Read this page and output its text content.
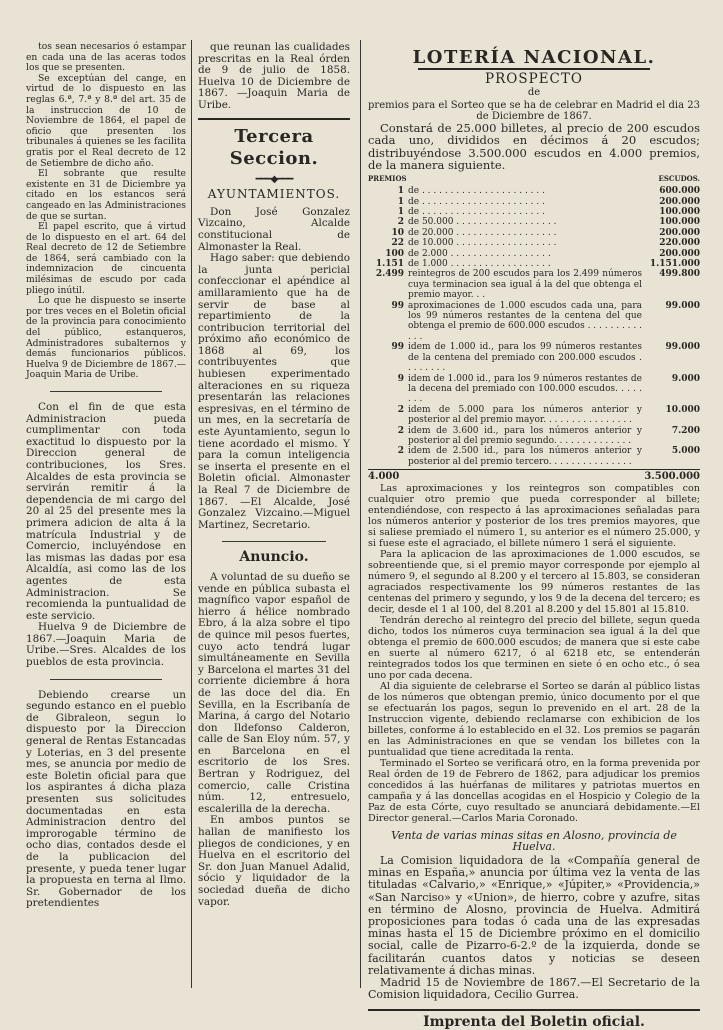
tos sean necesarios ó estampar en cada una de las aceras todos los que se presenten.

Se exceptúan del cange, en virtud de lo dispuesto en las reglas 6.ª, 7.ª y 8.ª del art. 35 de la instruccion de 10 de Noviembre de 1864, el papel de oficio que presenten los tribunales á quienes se les facilita gratis por el Real decreto de 12 de Setiembre de dicho año.

El sobrante que resulte existente en 31 de Diciembre ya citado en los estancos será cangeado en las Administraciones de que se surtan.

El papel escrito, que á virtud de lo dispuesto en el art. 64 del Real decreto de 12 de Setiembre de 1864, será cambiado con la indemnizacion de cincuenta milésimas de escudo por cada pliego inútil.

Lo que he dispuesto se inserte por tres veces en el Boletin oficial de la provincia para conocimiento del público, estanqueros, Administradores subalternos y demás funcionarios públicos. Huelva 9 de Diciembre de 1867.—Joaquin Maria de Uribe.

Con el fin de que esta Administracion pueda cumplimentar con toda exactitud lo dispuesto por la Direccion general de contribuciones, los Sres. Alcaldes de esta provincia se servirán remitir á la dependencia de mi cargo del 20 al 25 del presente mes la primera adicion de alta á la matrícula Industrial y de Comercio, incluyéndose en las mismas las dadas por esa Alcaldía, asi como las de los agentes de esta Administracion. Se recomienda la puntualidad de este servicio.

Huelva 9 de Diciembre de 1867.—Joaquin Maria de Uribe.—Sres. Alcaldes de los pueblos de esta provincia.

Debiendo crearse un segundo estanco en el pueblo de Gibraleon, segun lo dispuesto por la Direccion general de Rentas Estancadas y Loterias, en 3 del presente mes, se anuncia por medio de este Boletin oficial para que los aspirantes á dicha plaza presenten sus solicitudes documentadas en esta Administracion dentro del improrogable término de ocho dias, contados desde el de la publicacion del presente, y pueda tener lugar la propuesta en terna al Ilmo. Sr. Gobernador de los pretendientes

que reunan las cualidades prescritas en la Real órden de 9 de julio de 1858. Huelva 10 de Diciembre de 1867. —Joaquin Maria de Uribe.

Tercera Seccion.
━━━◆━━━
AYUNTAMIENTOS.

Don José Gonzalez Vizcaino, Alcalde constitucional de Almonaster la Real.

Hago saber: que debiendo la junta pericial confeccionar el apéndice al amillaramiento que ha de servir de base al repartimiento de la contribucion territorial del próximo año económico de 1868 al 69, los contribuyentes que hubiesen experimentado alteraciones en su riqueza presentarán las relaciones espresivas, en el término de un mes, en la secretaría de este Ayuntamiento, segun lo tiene acordado el mismo. Y para la comun inteligencia se inserta el presente en el Boletin oficial. Almonaster la Real 7 de Diciembre de 1867. —El Alcalde, José Gonzalez Vizcaino.—Miguel Martinez, Secretario.

Anuncio.

A voluntad de su dueño se vende en pública subasta el magnífico vapor español de hierro á hélice nombrado Ebro, á la alza sobre el tipo de quince mil pesos fuertes, cuyo acto tendrá lugar simultáneamente en Sevilla y Barcelona el martes 31 del corriente diciembre á hora de las doce del dia. En Sevilla, en la Escribanía de Marina, á cargo del Notario don Ildefonso Calderon, calle de San Eloy núm. 57, y en Barcelona en el escritorio de los Sres. Bertran y Rodriguez, del comercio, calle Cristina núm. 12, entresuelo, escalerilla de la derecha.

En ambos puntos se hallan de manifiesto los pliegos de condiciones, y en Huelva en el escritorio del Sr. don Juan Manuel Adalid, sócio y liquidador de la sociedad dueña de dicho vapor.

LOTERÍA NACIONAL.
PROSPECTO
de
premios para el Sorteo que se ha de celebrar en Madrid el dia 23 de Diciembre de 1867.

Constará de 25.000 billetes, al precio de 200 escudos cada uno, divididos en décimos á 20 escudos; distribuyéndose 3.500.000 escudos en 4.000 premios, de la manera siguiente.

PREMIOS		ESCUDOS.
1	de . . . . . . . . . . . . . . . . . . . . . .	600.000
1	de . . . . . . . . . . . . . . . . . . . . . .	200.000
1	de . . . . . . . . . . . . . . . . . . . . . .	100.000
2	de 50.000 . . . . . . . . . . . . . . . . . .	100.000
10	de 20.000 . . . . . . . . . . . . . . . . . .	200.000
22	de 10.000 . . . . . . . . . . . . . . . . . .	220.000
100	de 2.000 . . . . . . . . . . . . . . . . . .	200.000
1.151	de 1.000 . . . . . . . . . . . . . . . . . .	1.151.000
2.499	reintegros de 200 escudos para los 2.499 números cuya terminacion sea igual á la del que obtenga el premio mayor. . .	499.800
99	aproximaciones de 1.000 escudos cada una, para los 99 números restantes de la centena del que obtenga el premio de 600.000 escudos . . . . . . . . . . . . .	99.000
99	idem de 1.000 id., para los 99 números restantes de la centena del premiado con 200.000 escudos . . . . . . . .	99.000
9	idem de 1.000 id., para los 9 números restantes de la decena del premiado con 100.000 escudos. . . . . . . .	9.000
2	idem de 5.000 para los números anterior y posterior al del premio mayor. . . . . . . . . . . . . . . .	10.000
2	idem de 3.600 id., para los números anterior y posterior al del premio segundo. . . . . . . . . . . . . .	7.200
2	idem de 2.500 id., para los números anterior y posterior al del premio tercero. . . . . . . . . . . . . . .	5.000
4.000	3.500.000

Las aproximaciones y los reintegros son compatibles con cualquier otro premio que pueda corresponder al billete; entendiéndose, con respecto á las aproximaciones señaladas para los números anterior y posterior de los tres premios mayores, que si saliese premiado el número 1, su anterior es el número 25.000, y si fuese este el agraciado, el billete número 1 será el siguiente.

Para la aplicacion de las aproximaciones de 1.000 escudos, se sobreentiende que, si el premio mayor corresponde por ejemplo al número 9, el segundo al 8.200 y el tercero al 15.803, se consideran agraciados respectivamente los 99 números restantes de las centenas del primero y segundo, y los 9 de la decena del tercero; es decir, desde el 1 al 100, del 8.201 al 8.200 y del 15.801 al 15.810.

Tendrán derecho al reintegro del precio del billete, segun queda dicho, todos los números cuya terminacion sea igual á la del que obtenga el premio de 600.000 escudos; de manera que si este cabe en suerte al número 6217, ó al 6218 etc, se entenderán reintegrados todos los que terminen en siete ó en ocho etc., ó sea uno por cada decena.

Al dia siguiente de celebrarse el Sorteo se darán al público listas de los números que obtengan premio, único documento por el que se efectuarán los pagos, segun lo prevenido en el art. 28 de la Instruccion vigente, debiendo reclamarse con exhibicion de los billetes, conforme á lo establecido en el 32. Los premios se pagarán en las Administraciones en que se vendan los billetes con la puntualidad que tiene acreditada la renta.

Terminado el Sorteo se verificará otro, en la forma prevenida por Real órden de 19 de Febrero de 1862, para adjudicar los premios concedidos á las huérfanas de militares y patriotas muertos en campaña y á las doncellas acogidas en el Hospicio y Colegio de la Paz de esta Córte, cuyo resultado se anunciará debidamente.—El Director general.—Carlos Maria Coronado.

Venta de varias minas sitas en Alosno, provincia de Huelva.

La Comision liquidadora de la «Compañía general de minas en España,» anuncia por última vez la venta de las tituladas «Calvario,» «Enrique,» «Júpiter,» «Providencia,» «San Narciso» y «Union», de hierro, cobre y azufre, sitas en término de Alosno, provincia de Huelva. Admitirá proposiciones para todas ó cada una de las expresadas minas hasta el 15 de Diciembre próximo en el domicilio social, calle de Pizarro-6-2.º de la izquierda, donde se facilitarán cuantos datos y noticias se deseen relativamente á dichas minas.

Madrid 15 de Noviembre de 1867.—El Secretario de la Comision liquidadora, Cecilio Gurrea.

Imprenta del Boletin oficial.
